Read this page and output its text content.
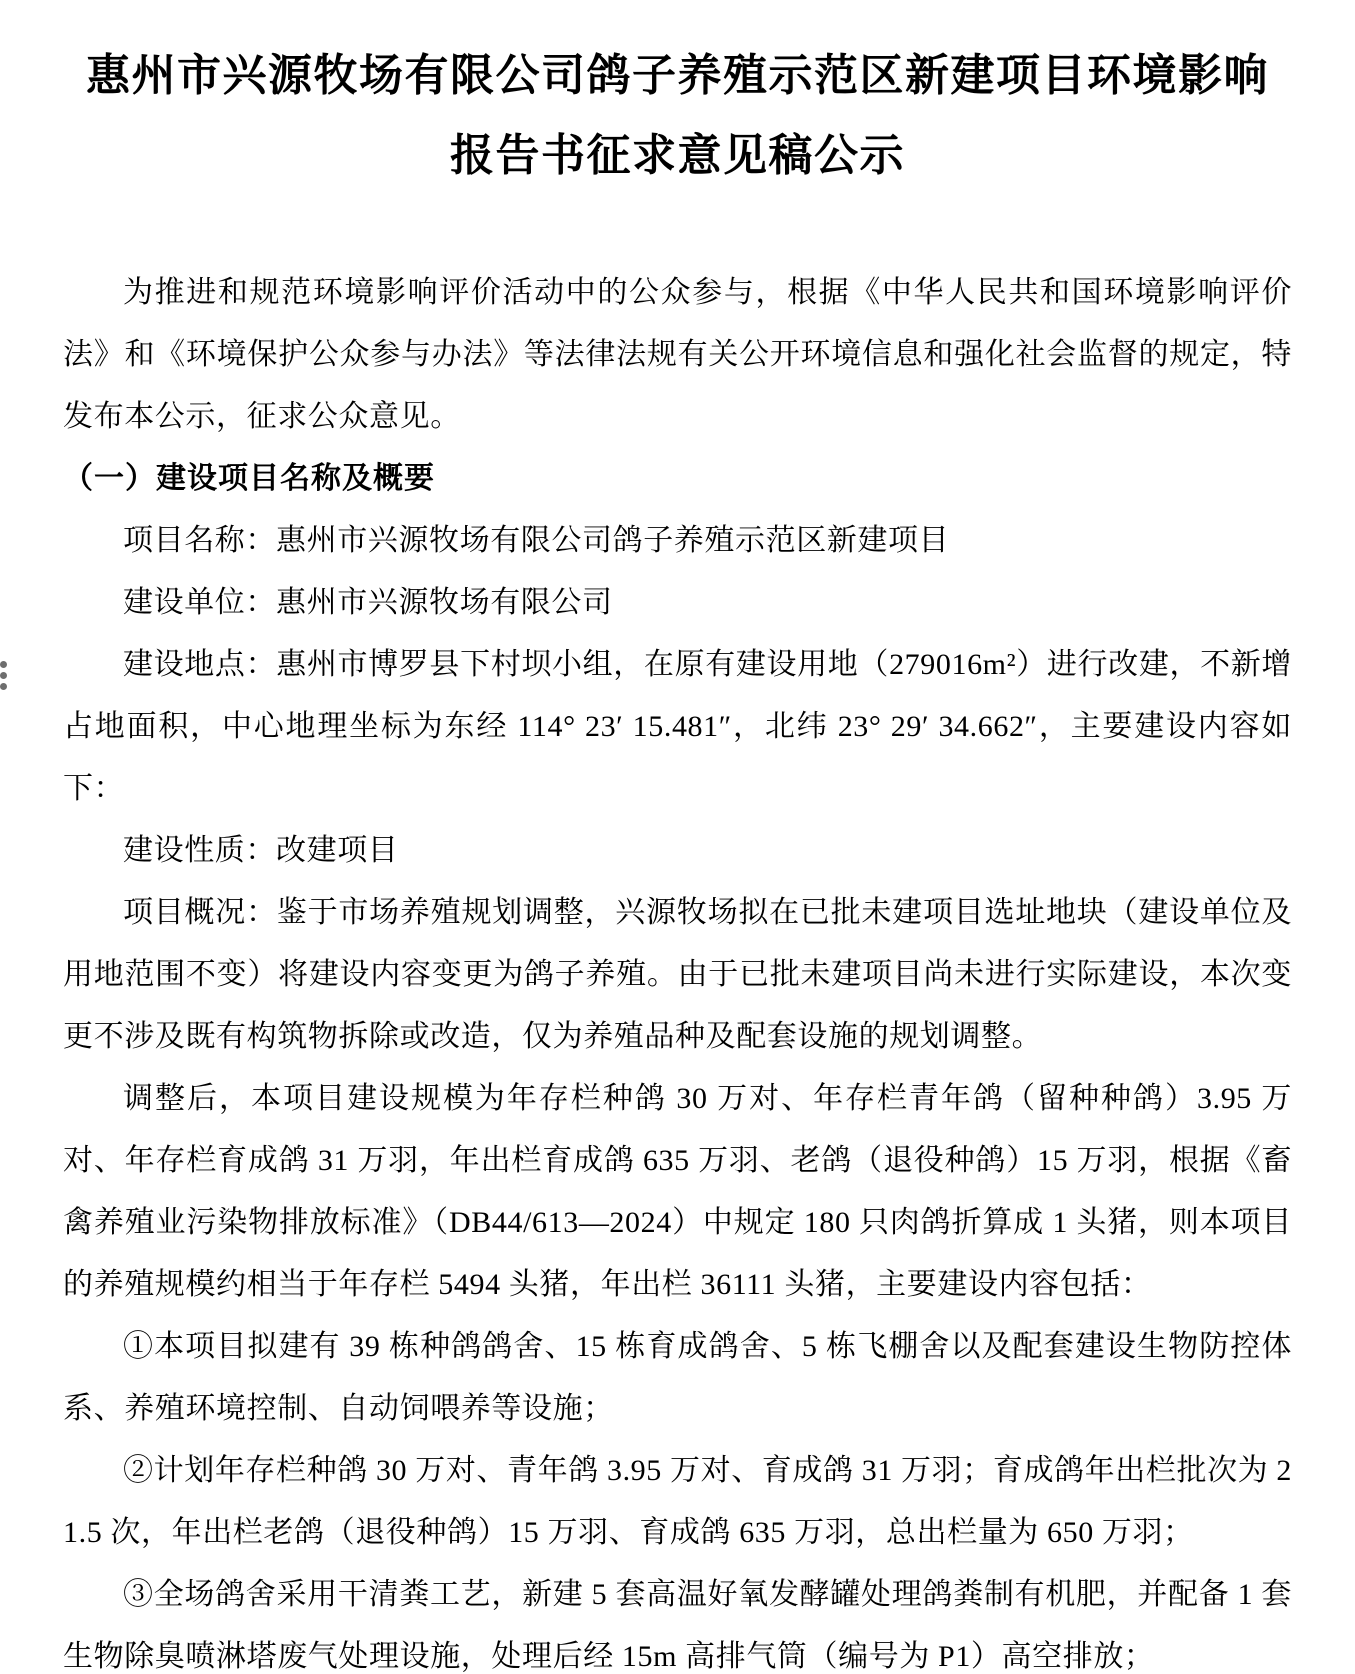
惠州市兴源牧场有限公司鸽子养殖示范区新建项目环境影响
报告书征求意见稿公示

为推进和规范环境影响评价活动中的公众参与，根据《中华人民共和国环境影响评价法》和《环境保护公众参与办法》等法律法规有关公开环境信息和强化社会监督的规定，特发布本公示，征求公众意见。

（一）建设项目名称及概要

项目名称：惠州市兴源牧场有限公司鸽子养殖示范区新建项目

建设单位：惠州市兴源牧场有限公司

建设地点：惠州市博罗县下村坝小组，在原有建设用地（279016m²）进行改建，不新增占地面积，中心地理坐标为东经 114° 23′ 15.481″，北纬 23° 29′ 34.662″，主要建设内容如下：

建设性质：改建项目

项目概况：鉴于市场养殖规划调整，兴源牧场拟在已批未建项目选址地块（建设单位及用地范围不变）将建设内容变更为鸽子养殖。由于已批未建项目尚未进行实际建设，本次变更不涉及既有构筑物拆除或改造，仅为养殖品种及配套设施的规划调整。

调整后，本项目建设规模为年存栏种鸽 30 万对、年存栏青年鸽（留种种鸽）3.95 万对、年存栏育成鸽 31 万羽，年出栏育成鸽 635 万羽、老鸽（退役种鸽）15 万羽，根据《畜禽养殖业污染物排放标准》（DB44/613—2024）中规定 180 只肉鸽折算成 1 头猪，则本项目的养殖规模约相当于年存栏 5494 头猪，年出栏 36111 头猪，主要建设内容包括：

①本项目拟建有 39 栋种鸽鸽舍、15 栋育成鸽舍、5 栋飞棚舍以及配套建设生物防控体系、养殖环境控制、自动饲喂养等设施；

②计划年存栏种鸽 30 万对、青年鸽 3.95 万对、育成鸽 31 万羽；育成鸽年出栏批次为 21.5 次，年出栏老鸽（退役种鸽）15 万羽、育成鸽 635 万羽，总出栏量为 650 万羽；

③全场鸽舍采用干清粪工艺，新建 5 套高温好氧发酵罐处理鸽粪制有机肥，并配备 1 套生物除臭喷淋塔废气处理设施，处理后经 15m 高排气筒（编号为 P1）高空排放；
